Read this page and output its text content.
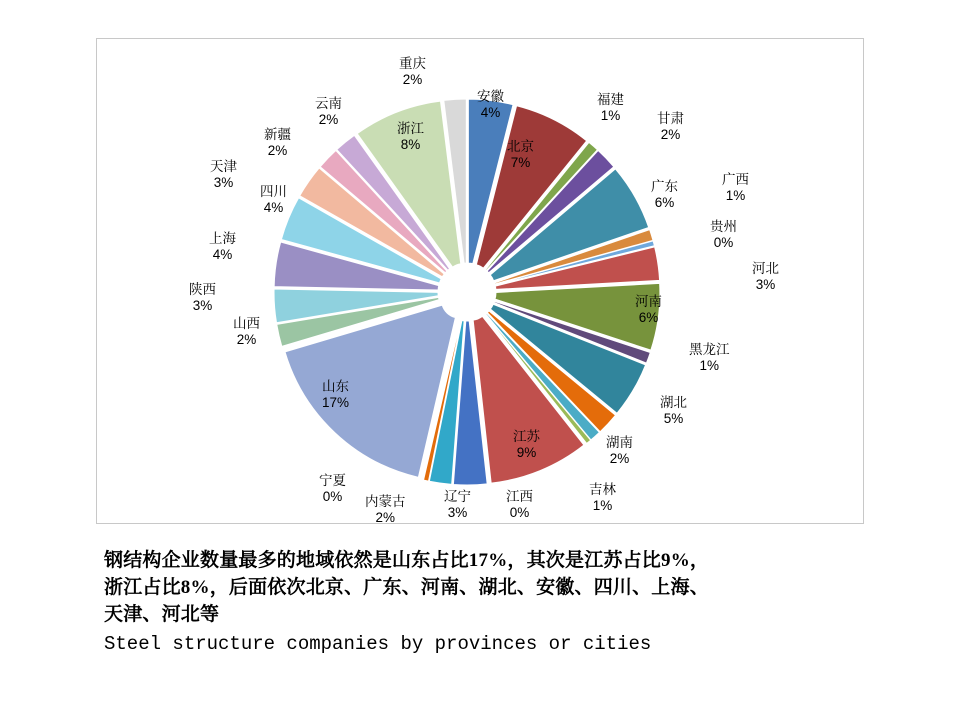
安徽
4%
北京
7%
福建
1%	甘肃
2%
广东
6%
广西
1%
贵州
0%
河北
3%
河南
6%
黑龙江
1%
湖北
5%
湖南
2%
吉林
1%
江西
0%
江苏
9%
辽宁
3%
内蒙古
2%
宁夏
0%
山东
17%
山西
2%
陕西
3%
上海
4%
四川
4%
天津
3%
新疆
2%
云南
2%
浙江
8%
重庆
2%
钢结构企业数量最多的地域依然是山东占比17%，其次是江苏占比9%，
浙江占比8%，后面依次北京、广东、河南、湖北、安徽、四川、上海、
天津、河北等
Steel structure companies by provinces or cities
